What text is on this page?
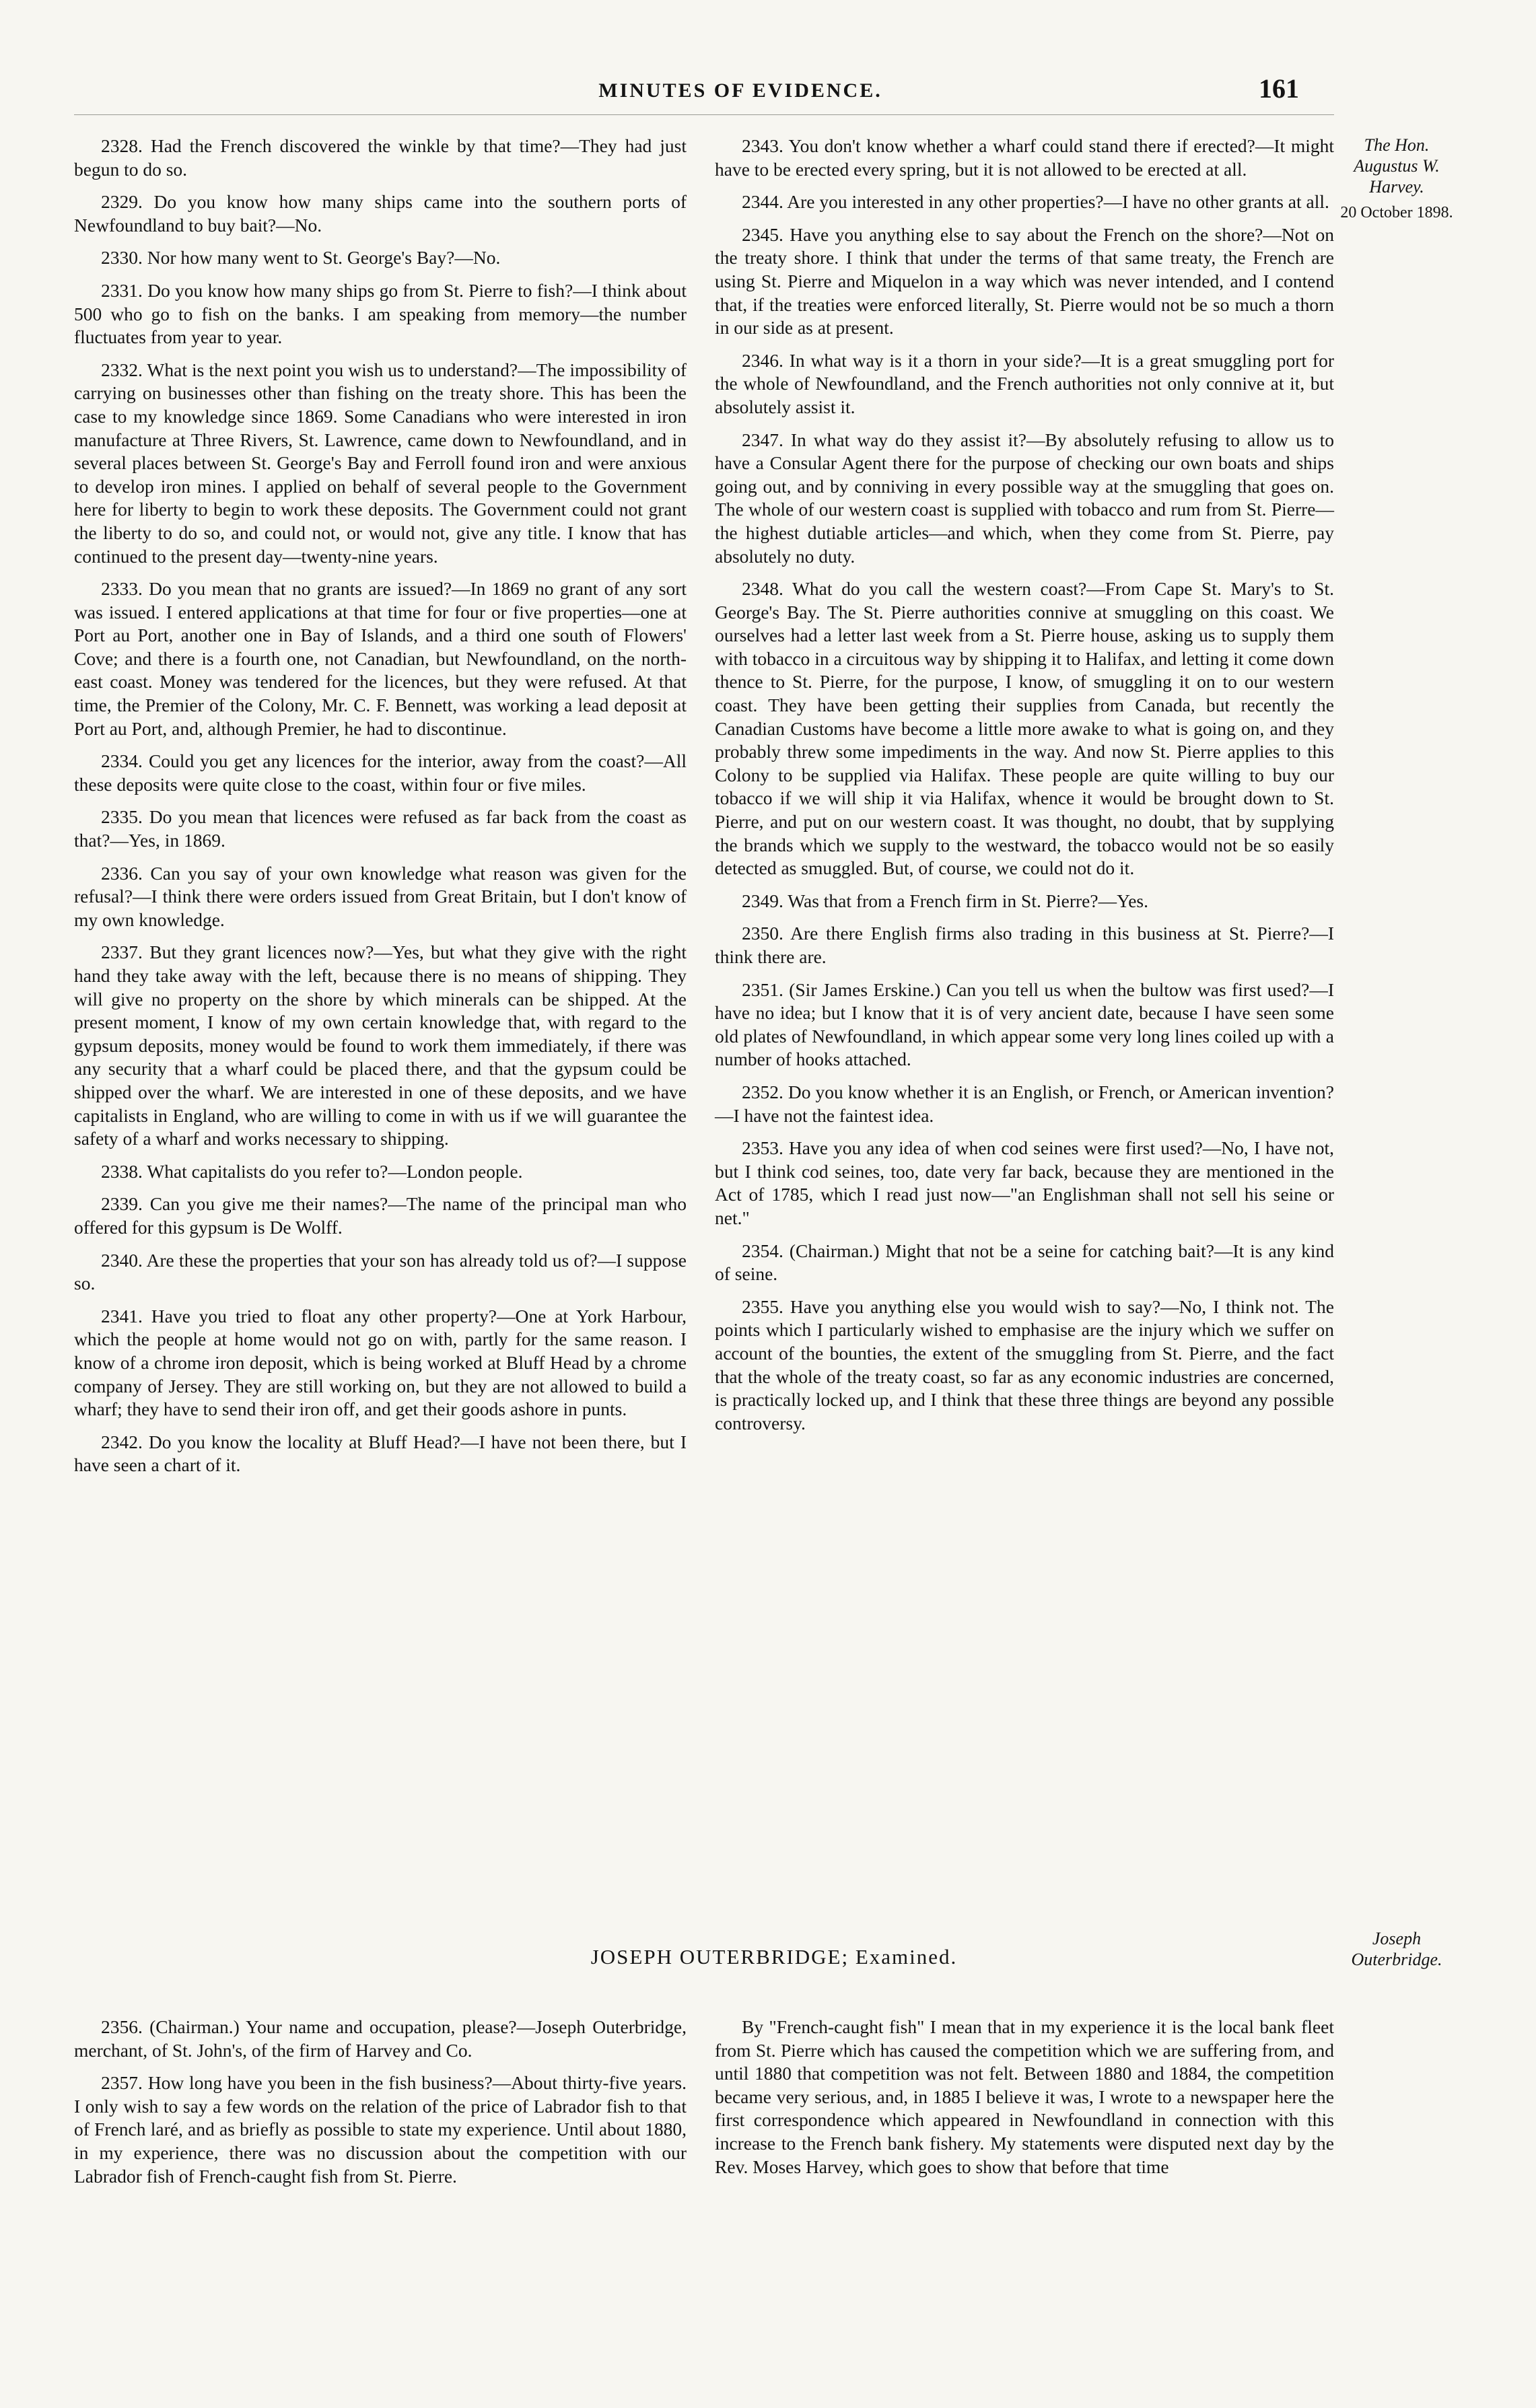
MINUTES OF EVIDENCE.	161

2328. Had the French discovered the winkle by that time?—They had just begun to do so.

2329. Do you know how many ships came into the southern ports of Newfoundland to buy bait?—No.

2330. Nor how many went to St. George's Bay?—No.

2331. Do you know how many ships go from St. Pierre to fish?—I think about 500 who go to fish on the banks. I am speaking from memory—the number fluctuates from year to year.

2332. What is the next point you wish us to understand?—The impossibility of carrying on businesses other than fishing on the treaty shore. This has been the case to my knowledge since 1869. Some Canadians who were interested in iron manufacture at Three Rivers, St. Lawrence, came down to Newfoundland, and in several places between St. George's Bay and Ferroll found iron and were anxious to develop iron mines. I applied on behalf of several people to the Government here for liberty to begin to work these deposits. The Government could not grant the liberty to do so, and could not, or would not, give any title. I know that has continued to the present day—twenty-nine years.

2333. Do you mean that no grants are issued?—In 1869 no grant of any sort was issued. I entered applications at that time for four or five properties—one at Port au Port, another one in Bay of Islands, and a third one south of Flowers' Cove; and there is a fourth one, not Canadian, but Newfoundland, on the north-east coast. Money was tendered for the licences, but they were refused. At that time, the Premier of the Colony, Mr. C. F. Bennett, was working a lead deposit at Port au Port, and, although Premier, he had to discontinue.

2334. Could you get any licences for the interior, away from the coast?—All these deposits were quite close to the coast, within four or five miles.

2335. Do you mean that licences were refused as far back from the coast as that?—Yes, in 1869.

2336. Can you say of your own knowledge what reason was given for the refusal?—I think there were orders issued from Great Britain, but I don't know of my own knowledge.

2337. But they grant licences now?—Yes, but what they give with the right hand they take away with the left, because there is no means of shipping. They will give no property on the shore by which minerals can be shipped. At the present moment, I know of my own certain knowledge that, with regard to the gypsum deposits, money would be found to work them immediately, if there was any security that a wharf could be placed there, and that the gypsum could be shipped over the wharf. We are interested in one of these deposits, and we have capitalists in England, who are willing to come in with us if we will guarantee the safety of a wharf and works necessary to shipping.

2338. What capitalists do you refer to?—London people.

2339. Can you give me their names?—The name of the principal man who offered for this gypsum is De Wolff.

2340. Are these the properties that your son has already told us of?—I suppose so.

2341. Have you tried to float any other property?—One at York Harbour, which the people at home would not go on with, partly for the same reason. I know of a chrome iron deposit, which is being worked at Bluff Head by a chrome company of Jersey. They are still working on, but they are not allowed to build a wharf; they have to send their iron off, and get their goods ashore in punts.

2342. Do you know the locality at Bluff Head?—I have not been there, but I have seen a chart of it.

2343. You don't know whether a wharf could stand there if erected?—It might have to be erected every spring, but it is not allowed to be erected at all.

2344. Are you interested in any other properties?—I have no other grants at all.

2345. Have you anything else to say about the French on the shore?—Not on the treaty shore. I think that under the terms of that same treaty, the French are using St. Pierre and Miquelon in a way which was never intended, and I contend that, if the treaties were enforced literally, St. Pierre would not be so much a thorn in our side as at present.

2346. In what way is it a thorn in your side?—It is a great smuggling port for the whole of Newfoundland, and the French authorities not only connive at it, but absolutely assist it.

2347. In what way do they assist it?—By absolutely refusing to allow us to have a Consular Agent there for the purpose of checking our own boats and ships going out, and by conniving in every possible way at the smuggling that goes on. The whole of our western coast is supplied with tobacco and rum from St. Pierre—the highest dutiable articles—and which, when they come from St. Pierre, pay absolutely no duty.

2348. What do you call the western coast?—From Cape St. Mary's to St. George's Bay. The St. Pierre authorities connive at smuggling on this coast. We ourselves had a letter last week from a St. Pierre house, asking us to supply them with tobacco in a circuitous way by shipping it to Halifax, and letting it come down thence to St. Pierre, for the purpose, I know, of smuggling it on to our western coast. They have been getting their supplies from Canada, but recently the Canadian Customs have become a little more awake to what is going on, and they probably threw some impediments in the way. And now St. Pierre applies to this Colony to be supplied via Halifax. These people are quite willing to buy our tobacco if we will ship it via Halifax, whence it would be brought down to St. Pierre, and put on our western coast. It was thought, no doubt, that by supplying the brands which we supply to the westward, the tobacco would not be so easily detected as smuggled. But, of course, we could not do it.

2349. Was that from a French firm in St. Pierre?—Yes.

2350. Are there English firms also trading in this business at St. Pierre?—I think there are.

2351. (Sir James Erskine.) Can you tell us when the bultow was first used?—I have no idea; but I know that it is of very ancient date, because I have seen some old plates of Newfoundland, in which appear some very long lines coiled up with a number of hooks attached.

2352. Do you know whether it is an English, or French, or American invention?—I have not the faintest idea.

2353. Have you any idea of when cod seines were first used?—No, I have not, but I think cod seines, too, date very far back, because they are mentioned in the Act of 1785, which I read just now—"an Englishman shall not sell his seine or net."

2354. (Chairman.) Might that not be a seine for catching bait?—It is any kind of seine.

2355. Have you anything else you would wish to say?—No, I think not. The points which I particularly wished to emphasise are the injury which we suffer on account of the bounties, the extent of the smuggling from St. Pierre, and the fact that the whole of the treaty coast, so far as any economic industries are concerned, is practically locked up, and I think that these three things are beyond any possible controversy.

The Hon. Augustus W. Harvey.
20 October 1898.
JOSEPH OUTERBRIDGE; Examined.
Joseph Outerbridge.

2356. (Chairman.) Your name and occupation, please?—Joseph Outerbridge, merchant, of St. John's, of the firm of Harvey and Co.

2357. How long have you been in the fish business?—About thirty-five years. I only wish to say a few words on the relation of the price of Labrador fish to that of French laré, and as briefly as possible to state my experience. Until about 1880, in my experience, there was no discussion about the competition with our Labrador fish of French-caught fish from St. Pierre.

By "French-caught fish" I mean that in my experience it is the local bank fleet from St. Pierre which has caused the competition which we are suffering from, and until 1880 that competition was not felt. Between 1880 and 1884, the competition became very serious, and, in 1885 I believe it was, I wrote to a newspaper here the first correspondence which appeared in Newfoundland in connection with this increase to the French bank fishery. My statements were disputed next day by the Rev. Moses Harvey, which goes to show that before that time
